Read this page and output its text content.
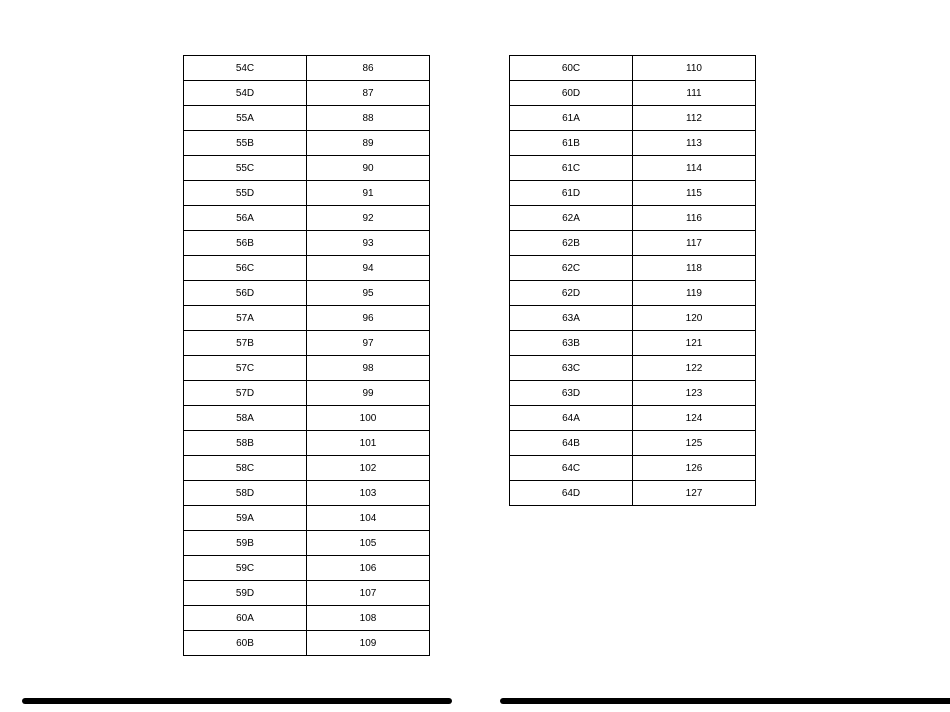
54C	86
54D	87
55A	88
55B	89
55C	90
55D	91
56A	92
56B	93
56C	94
56D	95
57A	96
57B	97
57C	98
57D	99
58A	100
58B	101
58C	102
58D	103
59A	104
59B	105
59C	106
59D	107
60A	108
60B	109
60C	110
60D	111
61A	112
61B	113
61C	114
61D	115
62A	116
62B	117
62C	118
62D	119
63A	120
63B	121
63C	122
63D	123
64A	124
64B	125
64C	126
64D	127
